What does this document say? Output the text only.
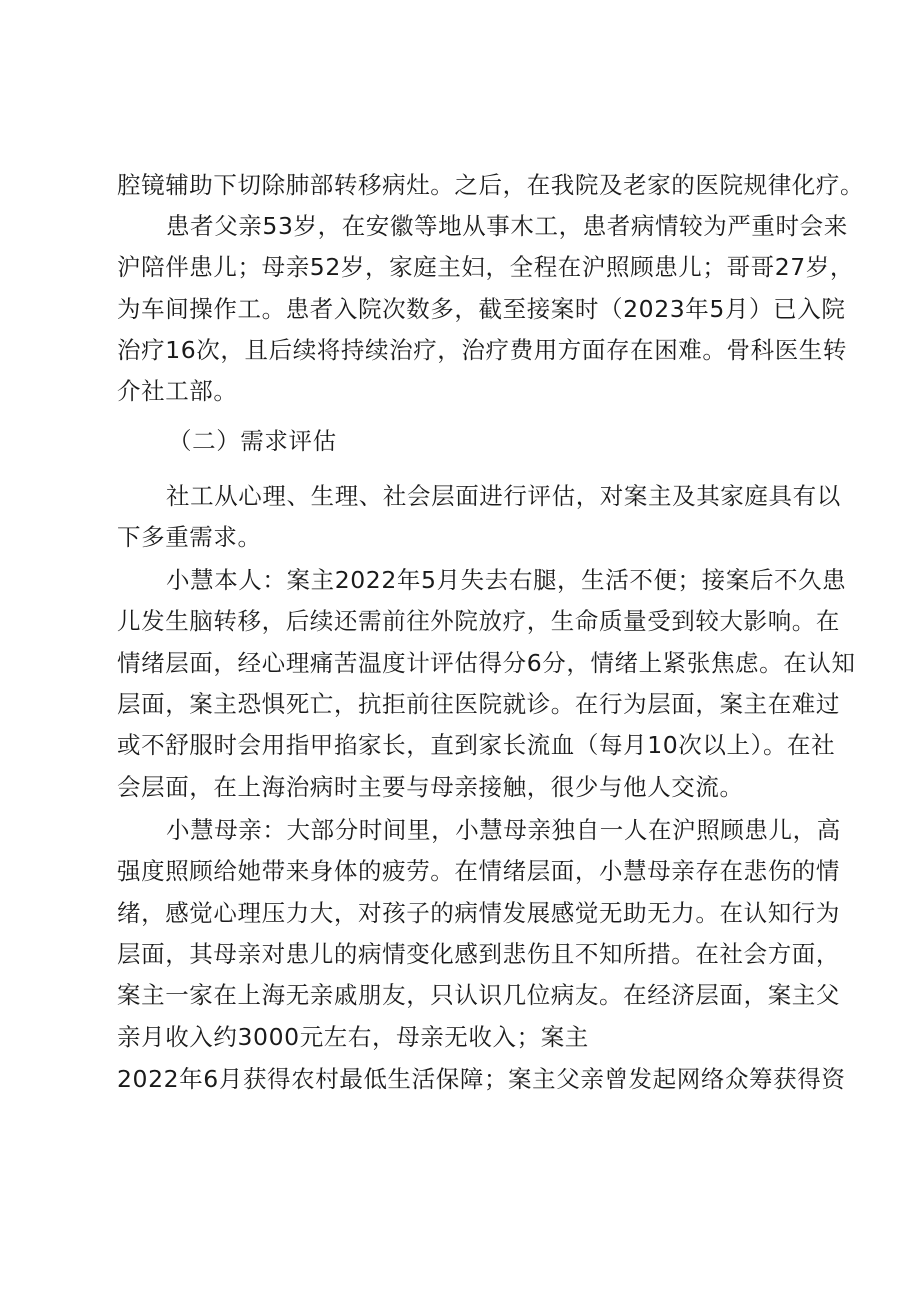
腔镜辅助下切除肺部转移病灶。之后，在我院及老家的医院规律化疗。
患者父亲53岁，在安徽等地从事木工，患者病情较为严重时会来
沪陪伴患儿；母亲52岁，家庭主妇，全程在沪照顾患儿；哥哥27岁，
为车间操作工。患者入院次数多，截至接案时（2023年5月）已入院
治疗16次，且后续将持续治疗，治疗费用方面存在困难。骨科医生转
介社工部。
（二）需求评估
社工从心理、生理、社会层面进行评估，对案主及其家庭具有以
下多重需求。
小慧本人：案主2022年5月失去右腿，生活不便；接案后不久患
儿发生脑转移，后续还需前往外院放疗，生命质量受到较大影响。在
情绪层面，经心理痛苦温度计评估得分6分，情绪上紧张焦虑。在认知
层面，案主恐惧死亡，抗拒前往医院就诊。在行为层面，案主在难过
或不舒服时会用指甲掐家长，直到家长流血（每月10次以上）。在社
会层面，在上海治病时主要与母亲接触，很少与他人交流。
小慧母亲：大部分时间里，小慧母亲独自一人在沪照顾患儿，高
强度照顾给她带来身体的疲劳。在情绪层面，小慧母亲存在悲伤的情
绪，感觉心理压力大，对孩子的病情发展感觉无助无力。在认知行为
层面，其母亲对患儿的病情变化感到悲伤且不知所措。在社会方面，
案主一家在上海无亲戚朋友，只认识几位病友。在经济层面，案主父
亲月收入约3000元左右，母亲无收入；案主
2022年6月获得农村最低生活保障；案主父亲曾发起网络众筹获得资
